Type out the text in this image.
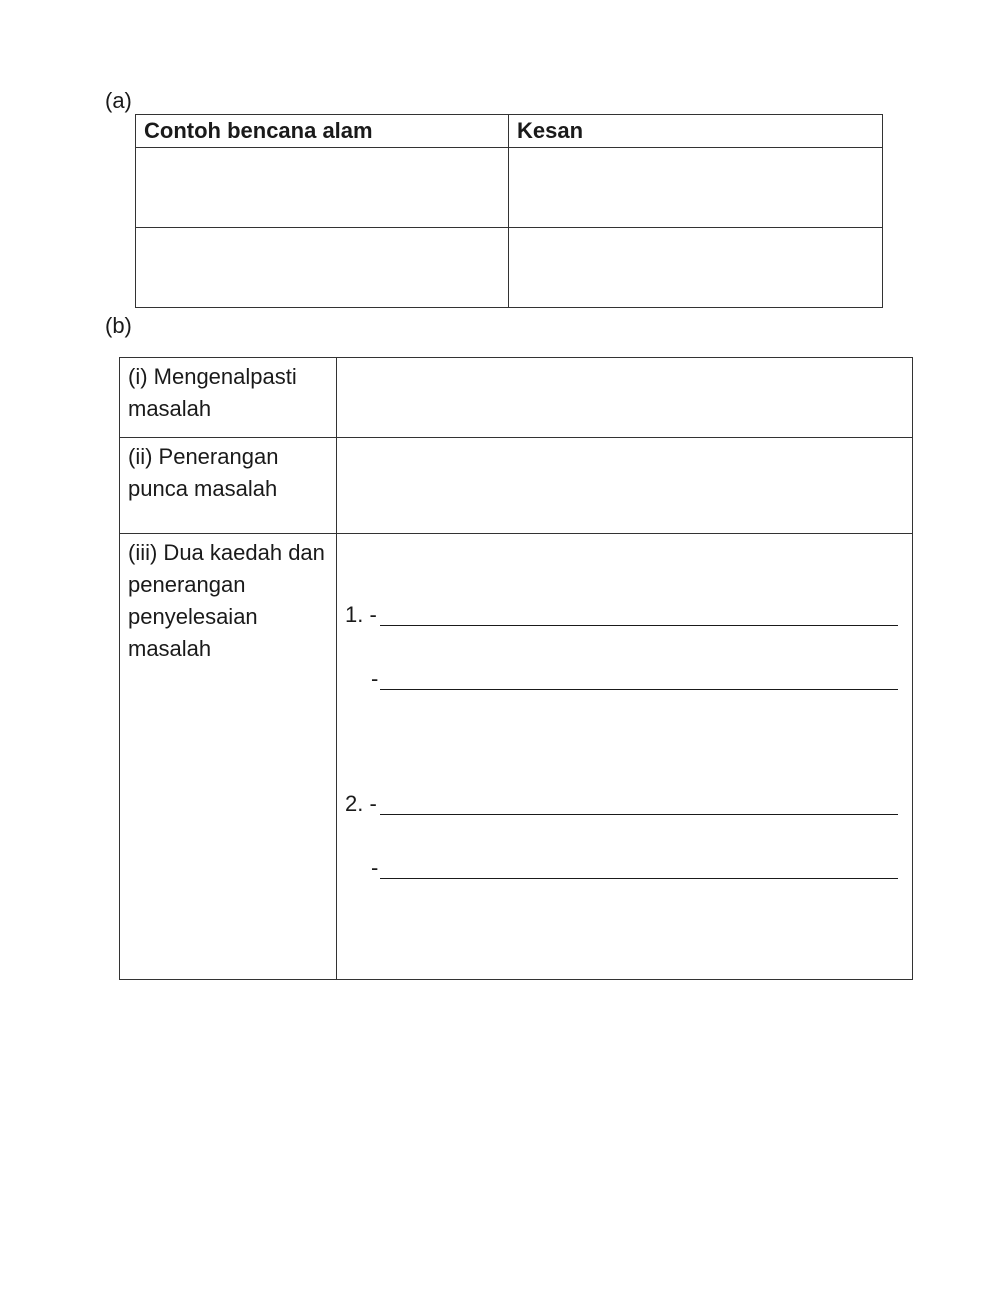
(a)
Contoh bencana alam	Kesan

(b)
(i) Mengenalpasti masalah	
(ii) Penerangan punca masalah	
(iii) Dua kaedah dan penerangan penyelesaian masalah	1. -
-
2. -
-
